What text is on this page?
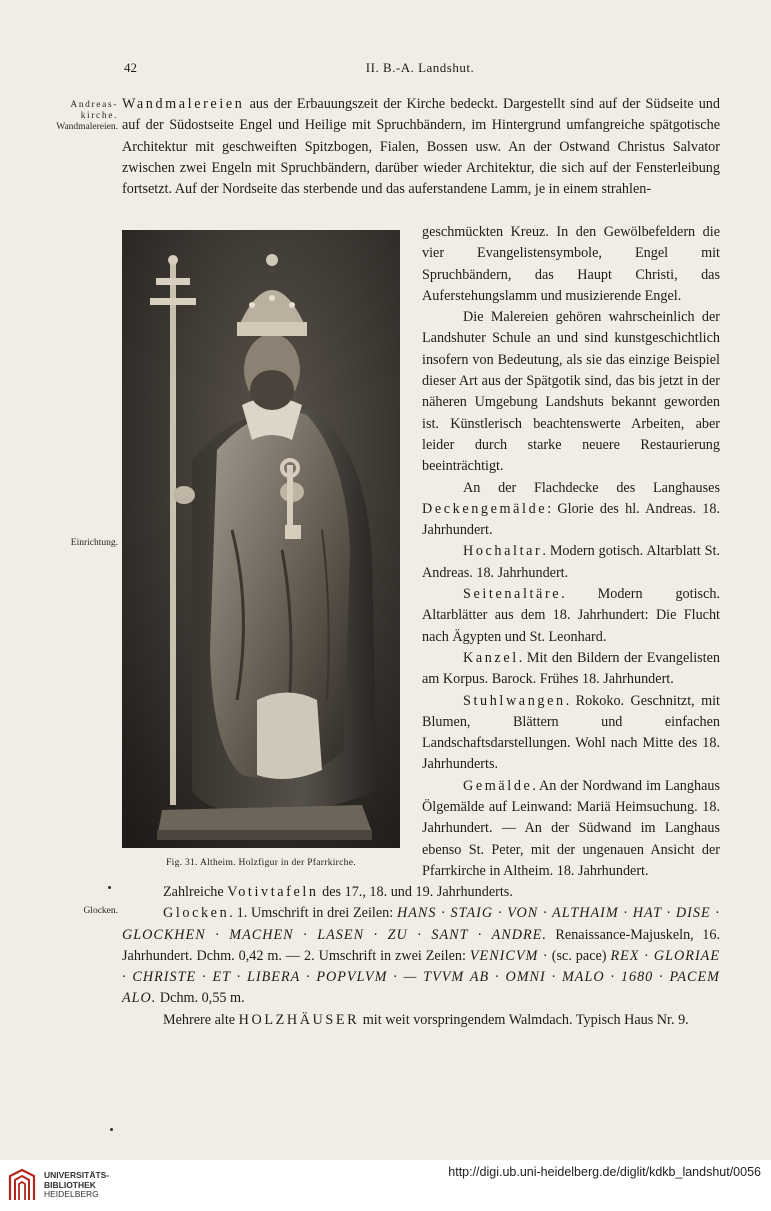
42	II. B.-A. Landshut.
Andreas-
kirche.
Wandmalereien.
Einrichtung.
Glocken.

Wandmalereien aus der Erbauungszeit der Kirche bedeckt. Dargestellt sind auf der Südseite und auf der Südostseite Engel und Heilige mit Spruchbändern, im Hintergrund umfangreiche spätgotische Architektur mit geschweiften Spitzbogen, Fialen, Bossen usw. An der Ostwand Christus Salvator zwischen zwei Engeln mit Spruchbändern, darüber wieder Architektur, die sich auf der Fensterleibung fortsetzt. Auf der Nordseite das sterbende und das auferstandene Lamm, je in einem strahlen-

Fig. 31. Altheim. Holzfigur in der Pfarrkirche.

geschmückten Kreuz. In den Gewölbefeldern die vier Evangelistensymbole, Engel mit Spruchbändern, das Haupt Christi, das Auferstehungslamm und musizierende Engel.

Die Malereien gehören wahrscheinlich der Landshuter Schule an und sind kunstgeschichtlich insofern von Bedeutung, als sie das einzige Beispiel dieser Art aus der Spätgotik sind, das bis jetzt in der näheren Umgebung Landshuts bekannt geworden ist. Künstlerisch beachtenswerte Arbeiten, aber leider durch starke neuere Restaurierung beeinträchtigt.

An der Flachdecke des Langhauses Deckengemälde: Glorie des hl. Andreas. 18. Jahrhundert.

Hochaltar. Modern gotisch. Altarblatt St. Andreas. 18. Jahrhundert.

Seitenaltäre. Modern gotisch. Altarblätter aus dem 18. Jahrhundert: Die Flucht nach Ägypten und St. Leonhard.

Kanzel. Mit den Bildern der Evangelisten am Korpus. Barock. Frühes 18. Jahrhundert.

Stuhlwangen. Rokoko. Geschnitzt, mit Blumen, Blättern und einfachen Landschaftsdarstellungen. Wohl nach Mitte des 18. Jahrhunderts.

Gemälde. An der Nordwand im Langhaus Ölgemälde auf Leinwand: Mariä Heimsuchung. 18. Jahrhundert. — An der Südwand im Langhaus ebenso St. Peter, mit der ungenauen Ansicht der Pfarrkirche in Altheim. 18. Jahrhundert.

Zahlreiche Votivtafeln des 17., 18. und 19. Jahrhunderts.

Glocken. 1. Umschrift in drei Zeilen: HANS · STAIG · VON · ALTHAIM · HAT · DISE · GLOCKHEN · MACHEN · LASEN · ZU · SANT · ANDRE. Renaissance-Majuskeln, 16. Jahrhundert. Dchm. 0,42 m. — 2. Umschrift in zwei Zeilen: VENICVM · (sc. pace) REX · GLORIAE · CHRISTE · ET · LIBERA · POPVLVM · — TVVM AB · OMNI · MALO · 1680 · PACEM ALO. Dchm. 0,55 m.

Mehrere alte HOLZHÄUSER mit weit vorspringendem Walmdach. Typisch Haus Nr. 9.

UNIVERSITÄTS-
BIBLIOTHEK
HEIDELBERG
http://digi.ub.uni-heidelberg.de/diglit/kdkb_landshut/0056
